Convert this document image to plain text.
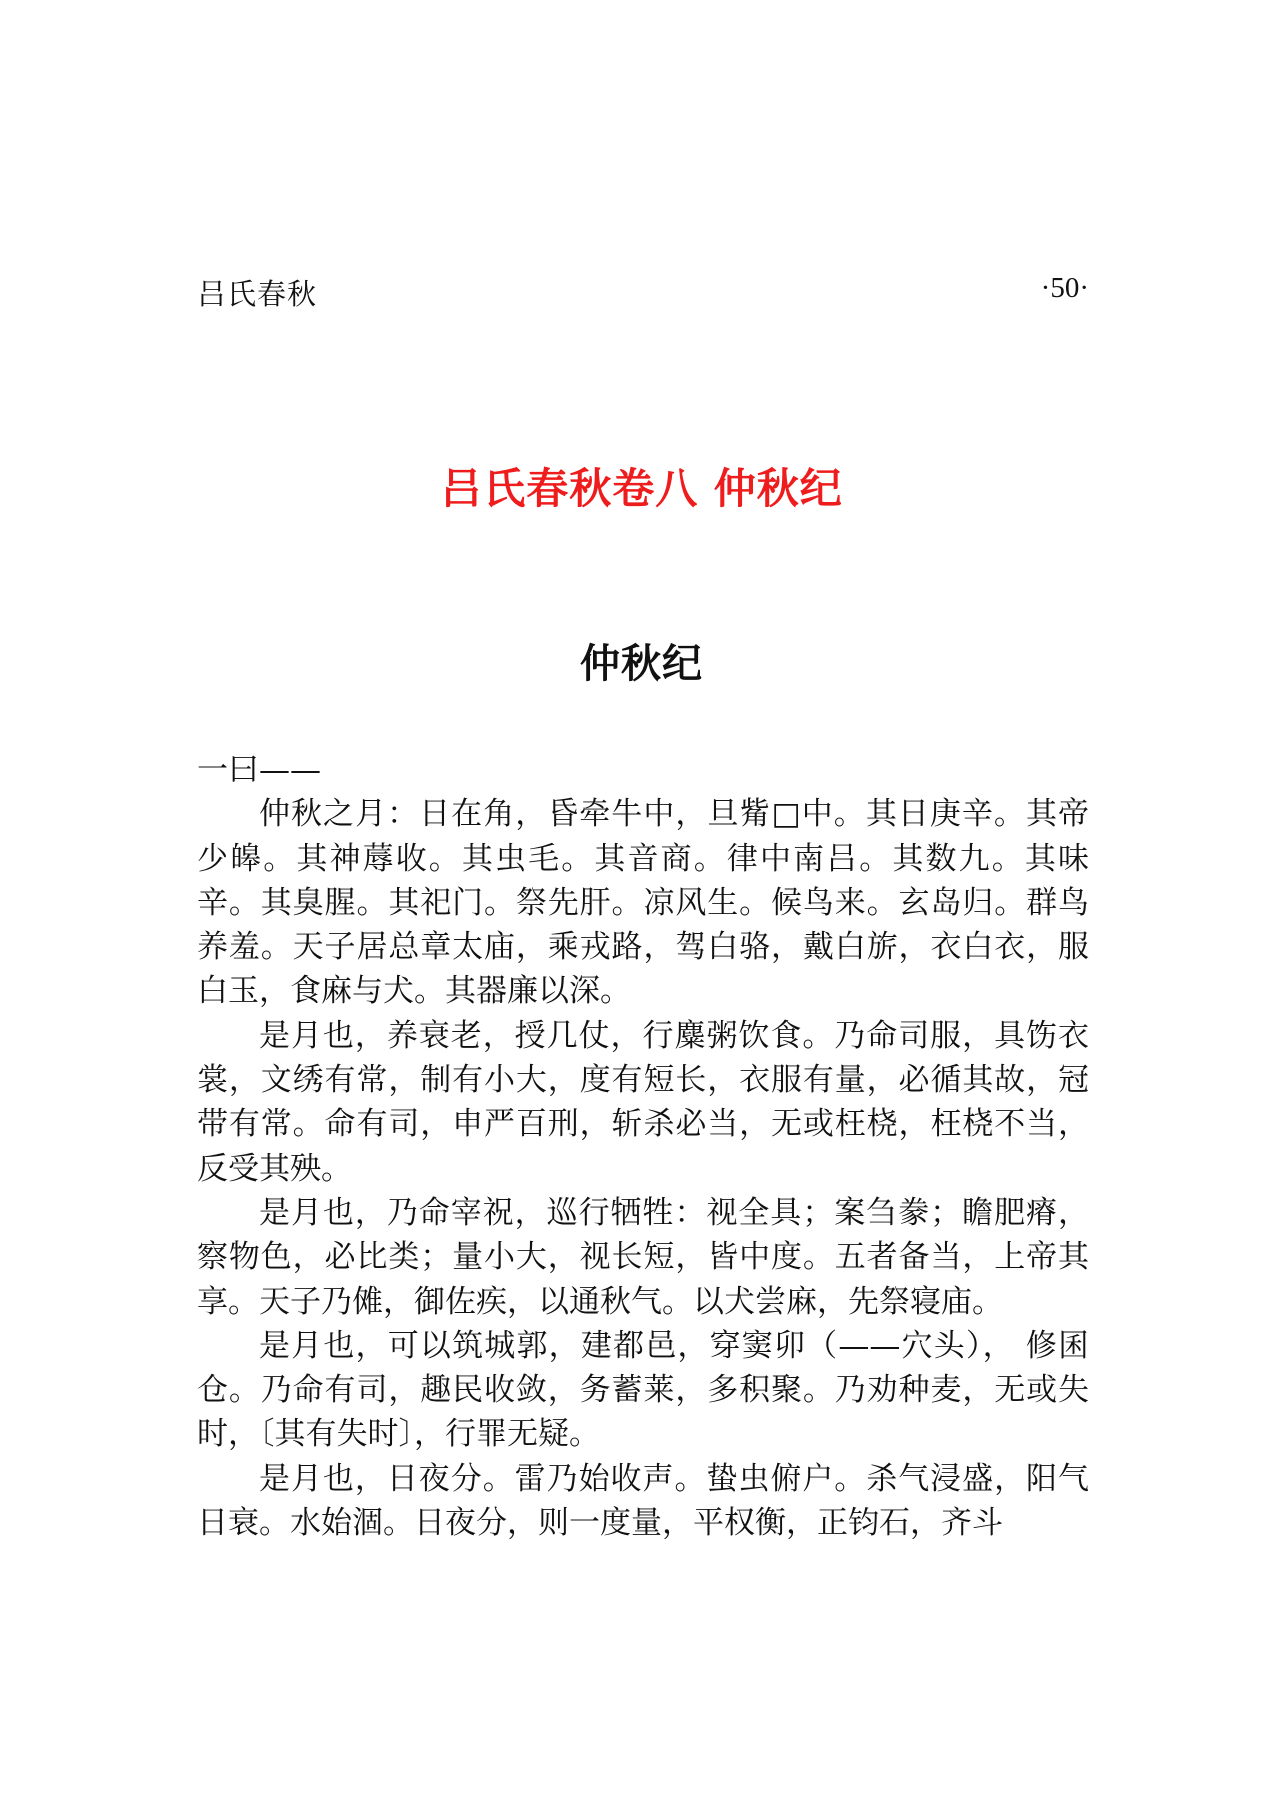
吕氏春秋	·50·
吕氏春秋卷八 仲秋纪
仲秋纪

一曰——

仲秋之月：日在角，昏牵牛中，旦觜□中。其日庚辛。其帝少皞。其神蓐收。其虫毛。其音商。律中南吕。其数九。其味辛。其臭腥。其祀门。祭先肝。凉风生。候鸟来。玄岛归。群鸟养羞。天子居总章太庙，乘戎路，驾白骆，戴白旂，衣白衣，服白玉，食麻与犬。其器廉以深。

是月也，养衰老，授几仗，行麋粥饮食。乃命司服，具饬衣裳，文绣有常，制有小大，度有短长，衣服有量，必循其故，冠带有常。命有司，申严百刑，斩杀必当，无或枉桡，枉桡不当，反受其殃。

是月也，乃命宰祝，巡行牺牲：视全具；案刍豢；瞻肥瘠，察物色，必比类；量小大，视长短，皆中度。五者备当，上帝其享。天子乃傩，御佐疾，以通秋气。以犬尝麻，先祭寝庙。

是月也，可以筑城郭，建都邑，穿窦卯（——穴头）， 修囷仓。乃命有司，趣民收敛，务蓄莱，多积聚。乃劝种麦，无或失时，〔其有失时〕，行罪无疑。

是月也，日夜分。雷乃始收声。蛰虫俯户。杀气浸盛，阳气日衰。水始涸。日夜分，则一度量，平权衡，正钧石，齐斗
